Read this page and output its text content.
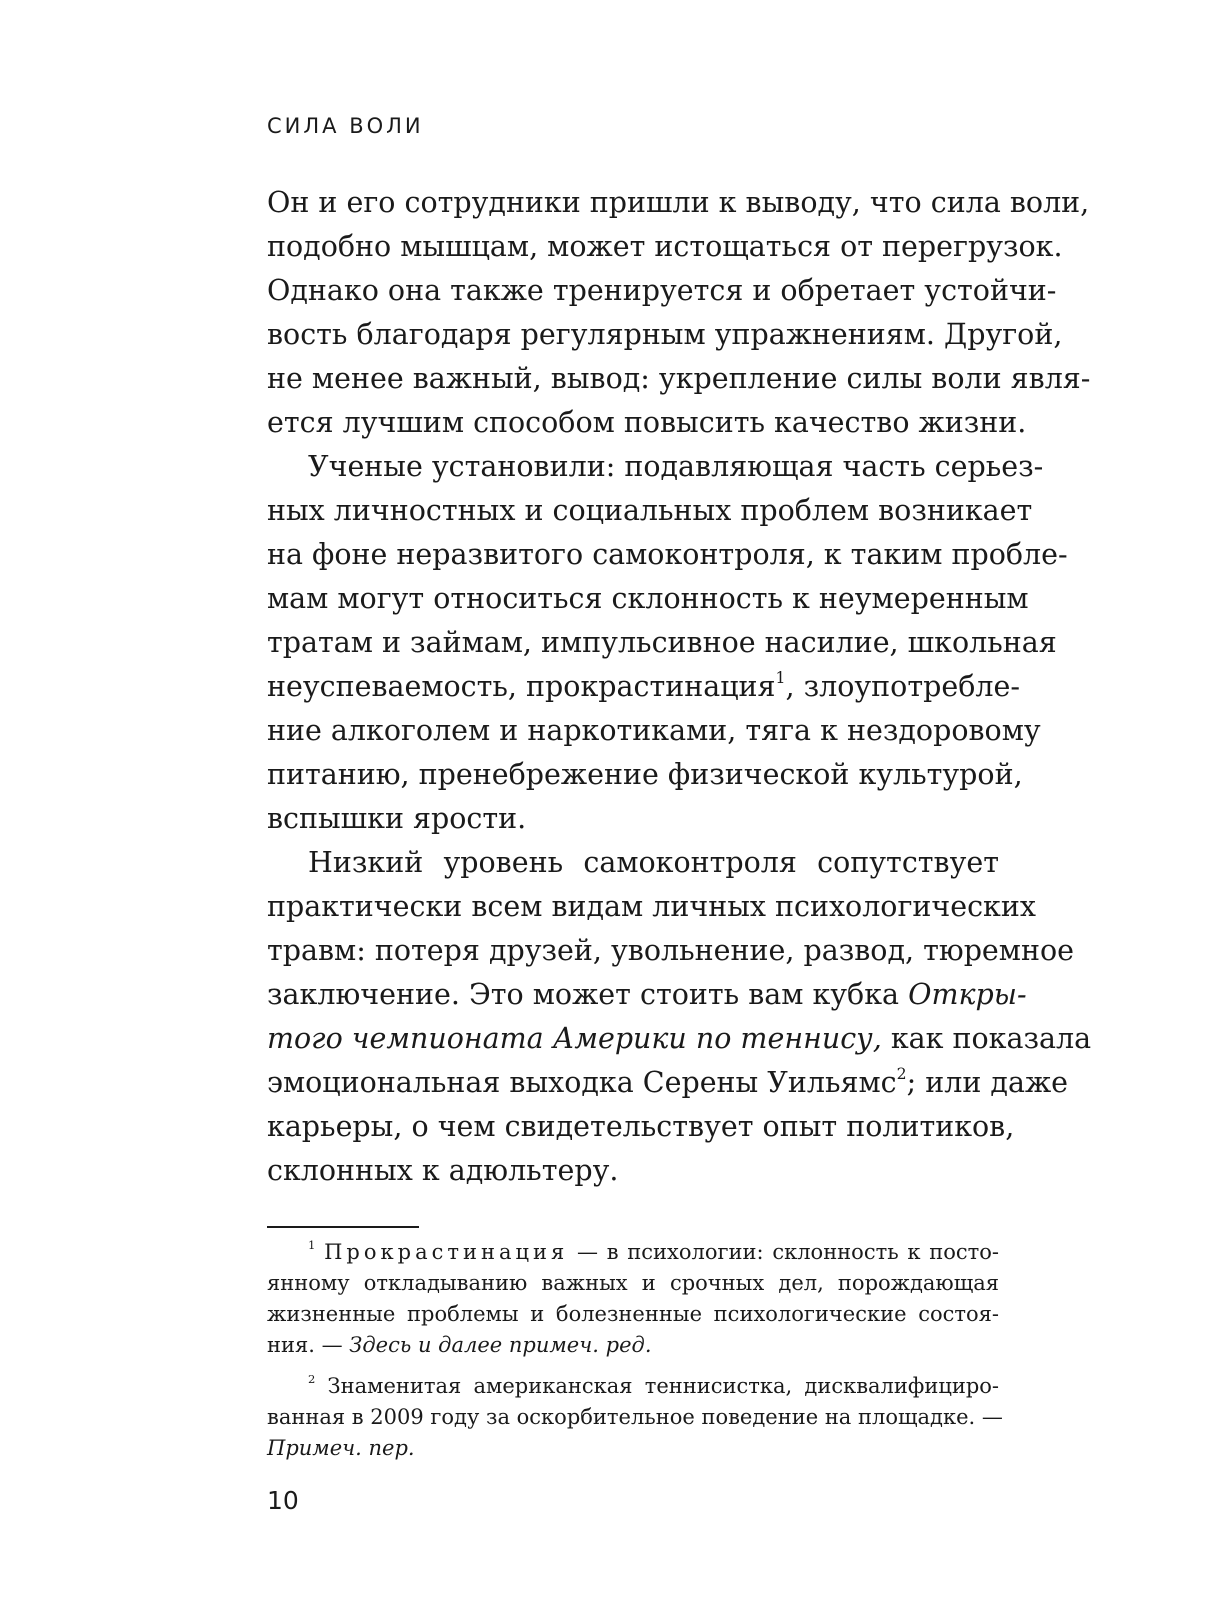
СИЛА ВОЛИ
Он и его сотрудники пришли к выводу, что сила воли,
подобно мышцам, может истощаться от перегрузок.
Однако она также тренируется и обретает устойчи-
вость благодаря регулярным упражнениям. Другой,
не менее важный, вывод: укрепление силы воли явля-
ется лучшим способом повысить качество жизни.
Ученые установили: подавляющая часть серьез-
ных личностных и социальных проблем возникает
на фоне неразвитого самоконтроля, к таким пробле-
мам могут относиться склонность к неумеренным
тратам и займам, импульсивное насилие, школьная
неуспеваемость, прокрастинация$^1$, злоупотребле-
ние алкоголем и наркотиками, тяга к нездоровому
питанию, пренебрежение физической культурой,
вспышки ярости.
Низкий уровень самоконтроля сопутствует
практически всем видам личных психологических
травм: потеря друзей, увольнение, развод, тюремное
заключение. Это может стоить вам кубка Откры-
того чемпионата Америки по теннису, как показала
эмоциональная выходка Серены Уильямс$^2$; или даже
карьеры, о чем свидетельствует опыт политиков,
склонных к адюльтеру.
$^1$ Прокрастинация — в психологии: склонность к посто-
янному откладыванию важных и срочных дел, порождающая
жизненные проблемы и болезненные психологические состоя-
ния. — Здесь и далее примеч. ред.
$^2$ Знаменитая американская теннисистка, дисквалифициро-
ванная в 2009 году за оскорбительное поведение на площадке. —
Примеч. пер.
10
